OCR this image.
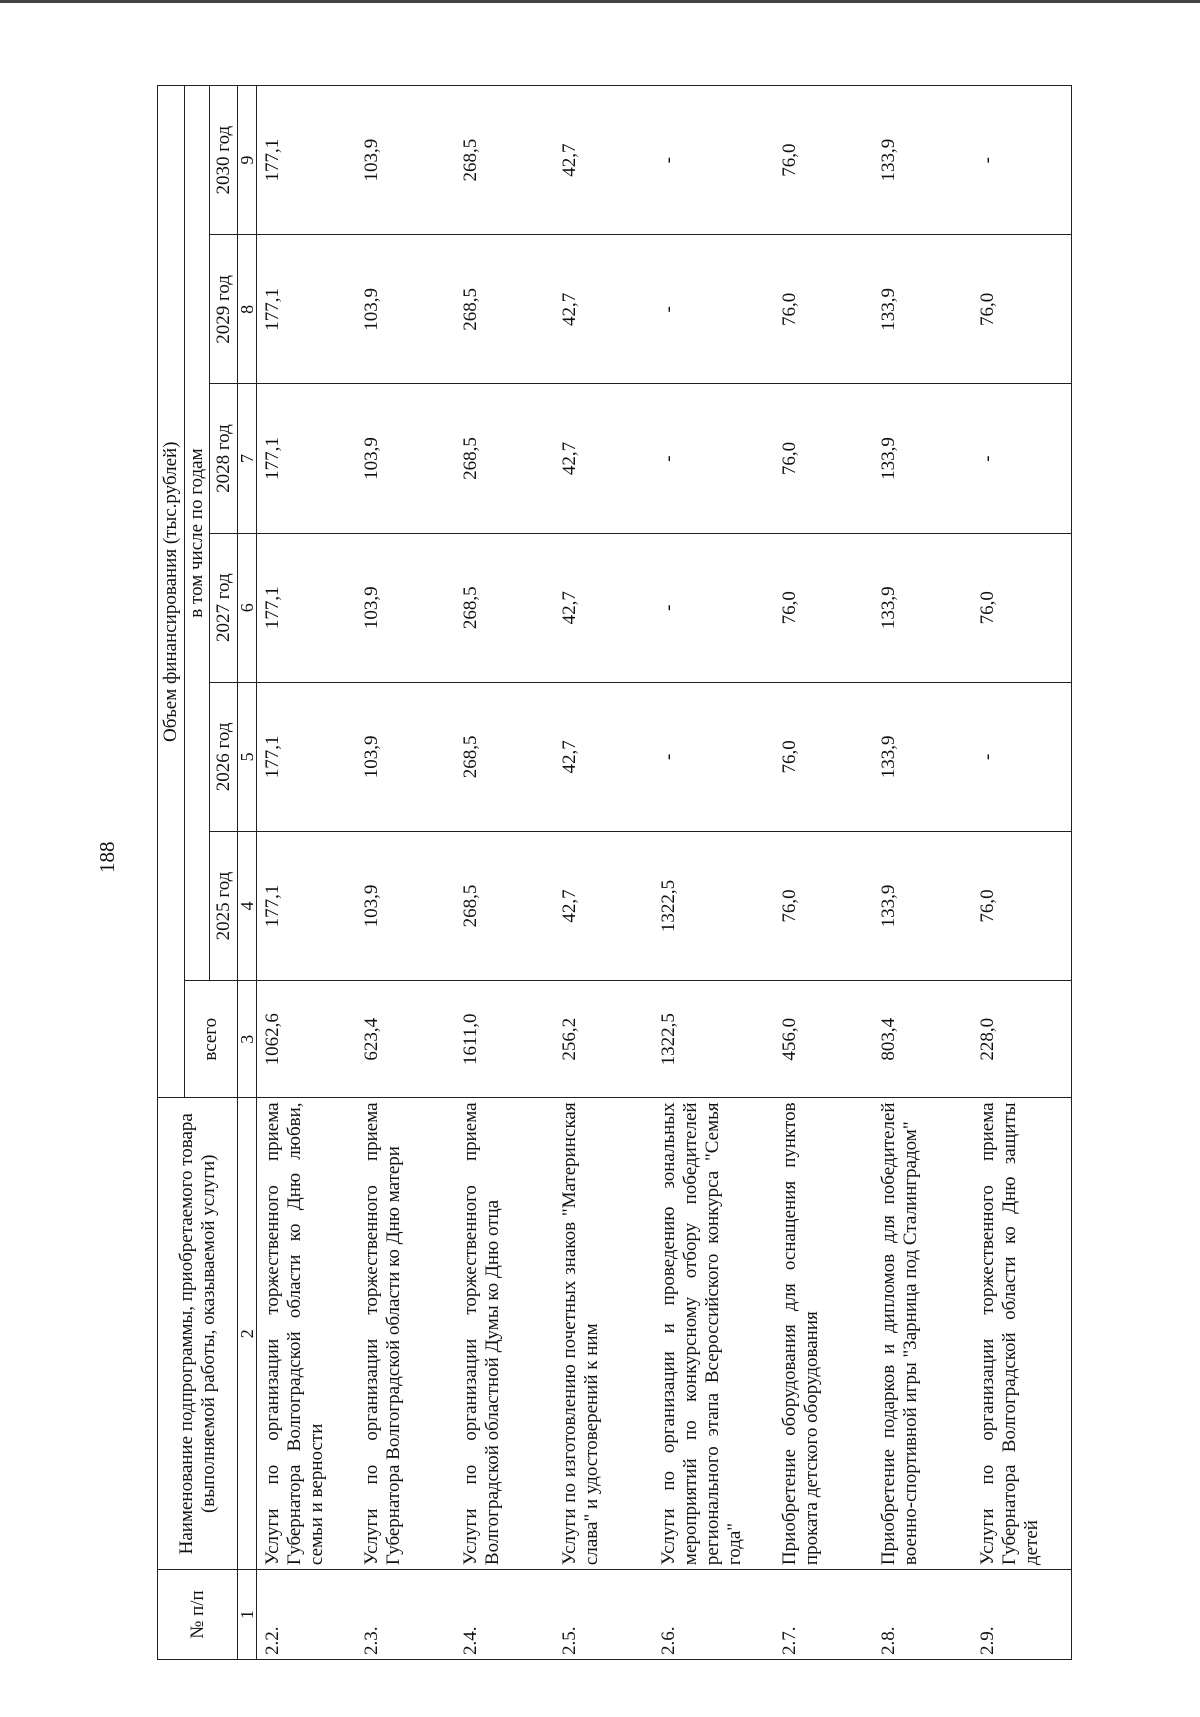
188
№ п/п	Наименование подпрограммы, приобретаемого товара (выполняемой работы, оказываемой услуги)	Объем финансирования (тыс.рублей)						
		всего	в том числе по годам					
			2025 год	2026 год	2027 год	2028 год	2029 год	2030 год
1	2	3	4	5	6	7	8	9
2.2.	Услуги по организации торжественного приема Губернатора Волгоградской области ко Дню любви, семьи и верности	1062,6	177,1	177,1	177,1	177,1	177,1	177,1
2.3.	Услуги по организации торжественного приема Губернатора Волгоградской области ко Дню матери	623,4	103,9	103,9	103,9	103,9	103,9	103,9
2.4.	Услуги по организации торжественного приема Волгоградской областной Думы ко Дню отца	1611,0	268,5	268,5	268,5	268,5	268,5	268,5
2.5.	Услуги по изготовлению почетных знаков "Материнская слава" и удостоверений к ним	256,2	42,7	42,7	42,7	42,7	42,7	42,7
2.6.	Услуги по организации и проведению зональных мероприятий по конкурсному отбору победителей регионального этапа Всероссийского конкурса "Семья года"	1322,5	1322,5	-	-	-	-	-
2.7.	Приобретение оборудования для оснащения пунктов проката детского оборудования	456,0	76,0	76,0	76,0	76,0	76,0	76,0
2.8.	Приобретение подарков и дипломов для победителей военно-спортивной игры "Зарница под Сталинградом"	803,4	133,9	133,9	133,9	133,9	133,9	133,9
2.9.	Услуги по организации торжественного приема Губернатора Волгоградской области ко Дню защиты детей	228,0	76,0	-	76,0	-	76,0	-
